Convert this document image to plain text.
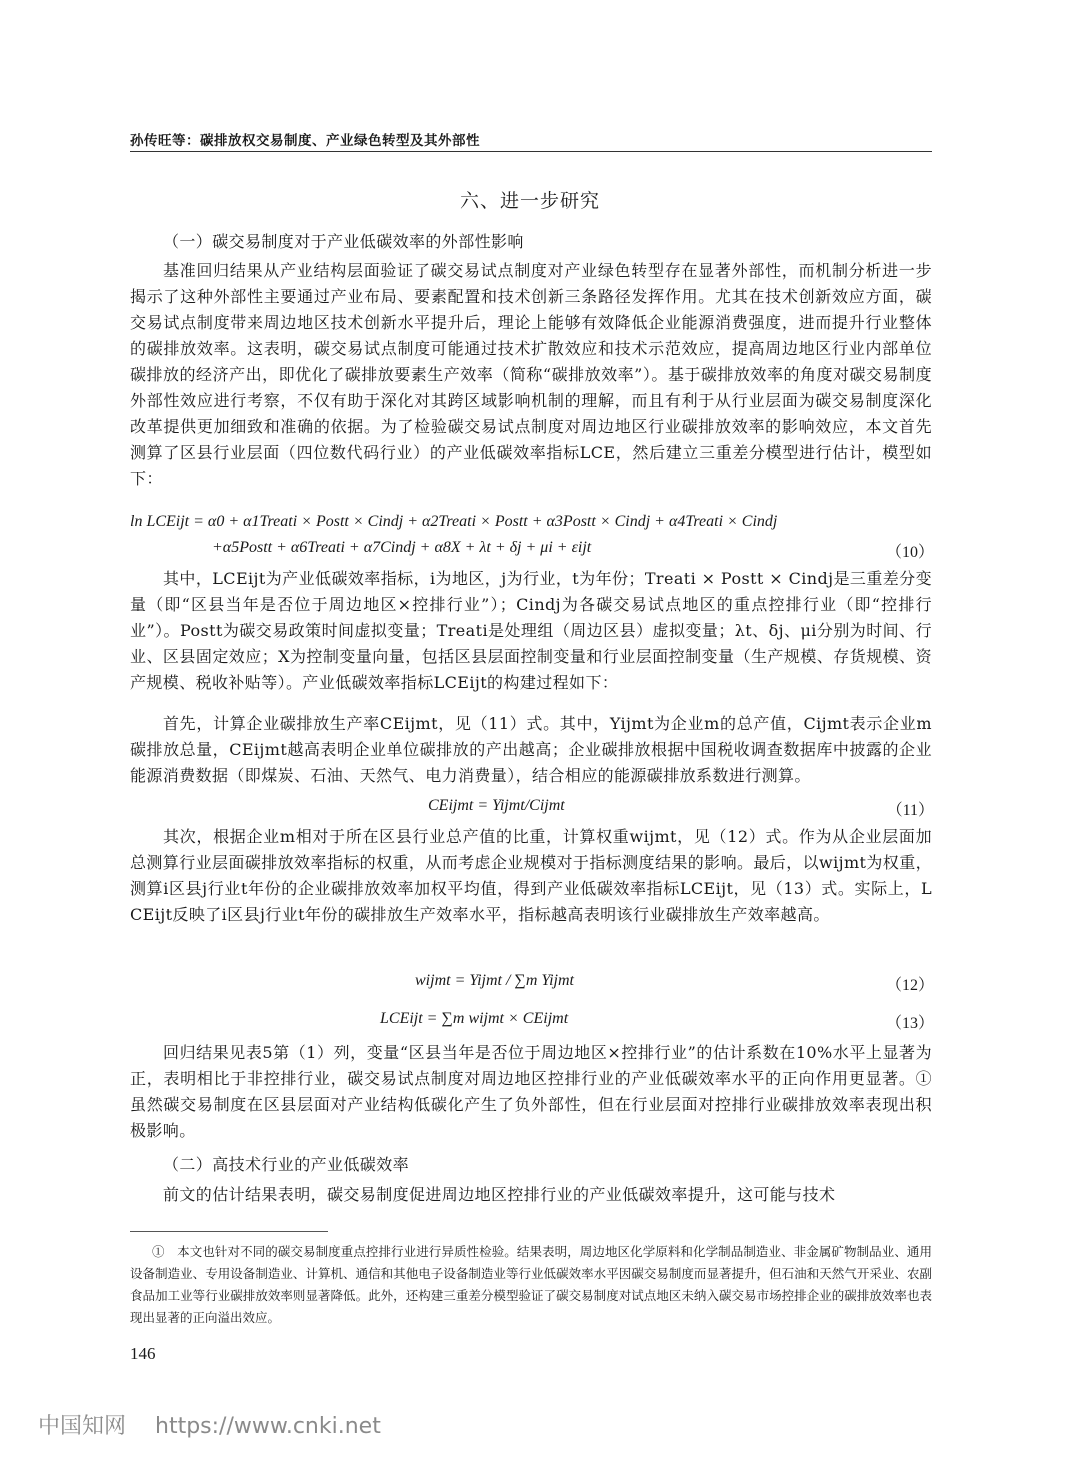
孙传旺等：碳排放权交易制度、产业绿色转型及其外部性
六、进一步研究
（一）碳交易制度对于产业低碳效率的外部性影响
基准回归结果从产业结构层面验证了碳交易试点制度对产业绿色转型存在显著外部性，而机制分析进一步揭示了这种外部性主要通过产业布局、要素配置和技术创新三条路径发挥作用。尤其在技术创新效应方面，碳交易试点制度带来周边地区技术创新水平提升后，理论上能够有效降低企业能源消费强度，进而提升行业整体的碳排放效率。这表明，碳交易试点制度可能通过技术扩散效应和技术示范效应，提高周边地区行业内部单位碳排放的经济产出，即优化了碳排放要素生产效率（简称“碳排放效率”）。基于碳排放效率的角度对碳交易制度外部性效应进行考察，不仅有助于深化对其跨区域影响机制的理解，而且有利于从行业层面为碳交易制度深化改革提供更加细致和准确的依据。为了检验碳交易试点制度对周边地区行业碳排放效率的影响效应，本文首先测算了区县行业层面（四位数代码行业）的产业低碳效率指标LCE，然后建立三重差分模型进行估计，模型如下：
ln LCEijt = α0 + α1Treati × Postt × Cindj + α2Treati × Postt + α3Postt × Cindj + α4Treati × Cindj
+α5Postt + α6Treati + α7Cindj + α8X + λt + δj + μi + εijt	（10）
其中，LCEijt为产业低碳效率指标，i为地区，j为行业，t为年份；Treati × Postt × Cindj是三重差分变量（即“区县当年是否位于周边地区×控排行业”）；Cindj为各碳交易试点地区的重点控排行业（即“控排行业”）。Postt为碳交易政策时间虚拟变量；Treati是处理组（周边区县）虚拟变量；λt、δj、μi分别为时间、行业、区县固定效应；X为控制变量向量，包括区县层面控制变量和行业层面控制变量（生产规模、存货规模、资产规模、税收补贴等）。产业低碳效率指标LCEijt的构建过程如下：
首先，计算企业碳排放生产率CEijmt，见（11）式。其中，Yijmt为企业m的总产值，Cijmt表示企业m碳排放总量，CEijmt越高表明企业单位碳排放的产出越高；企业碳排放根据中国税收调查数据库中披露的企业能源消费数据（即煤炭、石油、天然气、电力消费量），结合相应的能源碳排放系数进行测算。
CEijmt = Yijmt/Cijmt	（11）
其次，根据企业m相对于所在区县行业总产值的比重，计算权重wijmt，见（12）式。作为从企业层面加总测算行业层面碳排放效率指标的权重，从而考虑企业规模对于指标测度结果的影响。最后，以wijmt为权重，测算i区县j行业t年份的企业碳排放效率加权平均值，得到产业低碳效率指标LCEijt，见（13）式。实际上，LCEijt反映了i区县j行业t年份的碳排放生产效率水平，指标越高表明该行业碳排放生产效率越高。
wijmt = Yijmt / ∑m Yijmt	（12）
LCEijt = ∑m wijmt × CEijmt	（13）
回归结果见表5第（1）列，变量“区县当年是否位于周边地区×控排行业”的估计系数在10%水平上显著为正，表明相比于非控排行业，碳交易试点制度对周边地区控排行业的产业低碳效率水平的正向作用更显著。①虽然碳交易制度在区县层面对产业结构低碳化产生了负外部性，但在行业层面对控排行业碳排放效率表现出积极影响。
（二）高技术行业的产业低碳效率
前文的估计结果表明，碳交易制度促进周边地区控排行业的产业低碳效率提升，这可能与技术
①　本文也针对不同的碳交易制度重点控排行业进行异质性检验。结果表明，周边地区化学原料和化学制品制造业、非金属矿物制品业、通用设备制造业、专用设备制造业、计算机、通信和其他电子设备制造业等行业低碳效率水平因碳交易制度而显著提升，但石油和天然气开采业、农副食品加工业等行业碳排放效率则显著降低。此外，还构建三重差分模型验证了碳交易制度对试点地区未纳入碳交易市场控排企业的碳排放效率也表现出显著的正向溢出效应。
146
中国知网 https://www.cnki.net
